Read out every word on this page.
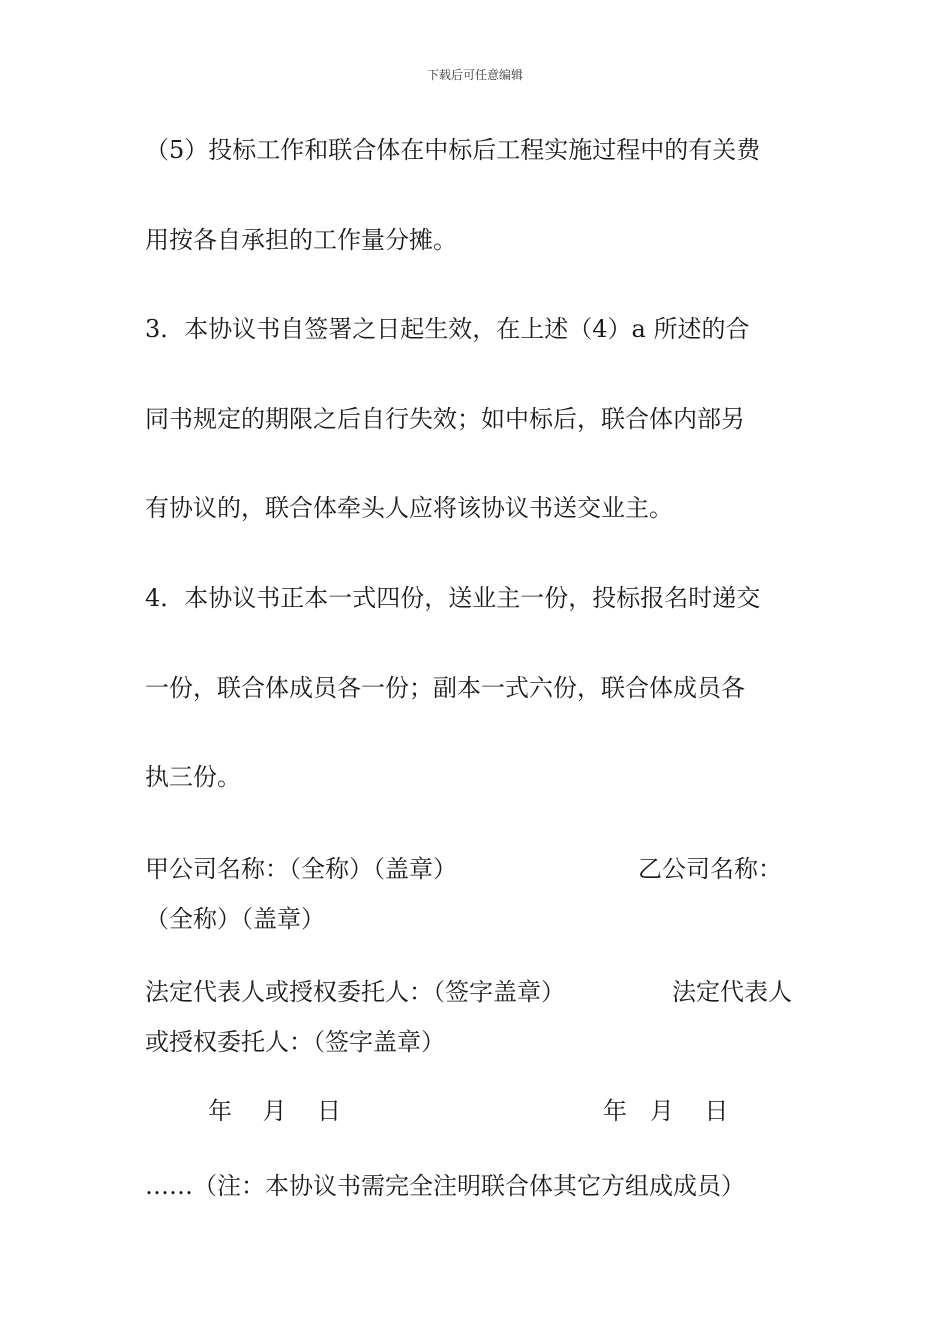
下载后可任意编辑
（5）投标工作和联合体在中标后工程实施过程中的有关费
用按各自承担的工作量分摊。
3．本协议书自签署之日起生效，在上述（4）a 所述的合
同书规定的期限之后自行失效；如中标后，联合体内部另
有协议的，联合体牵头人应将该协议书送交业主。
4．本协议书正本一式四份，送业主一份，投标报名时递交
一份，联合体成员各一份；副本一式六份，联合体成员各
执三份。
甲公司名称：（全称）（盖章）	乙公司名称：
（全称）（盖章）
法定代表人或授权委托人：（签字盖章）	法定代表人
或授权委托人：（签字盖章）
年    月    日	年   月    日
……（注：本协议书需完全注明联合体其它方组成成员）
